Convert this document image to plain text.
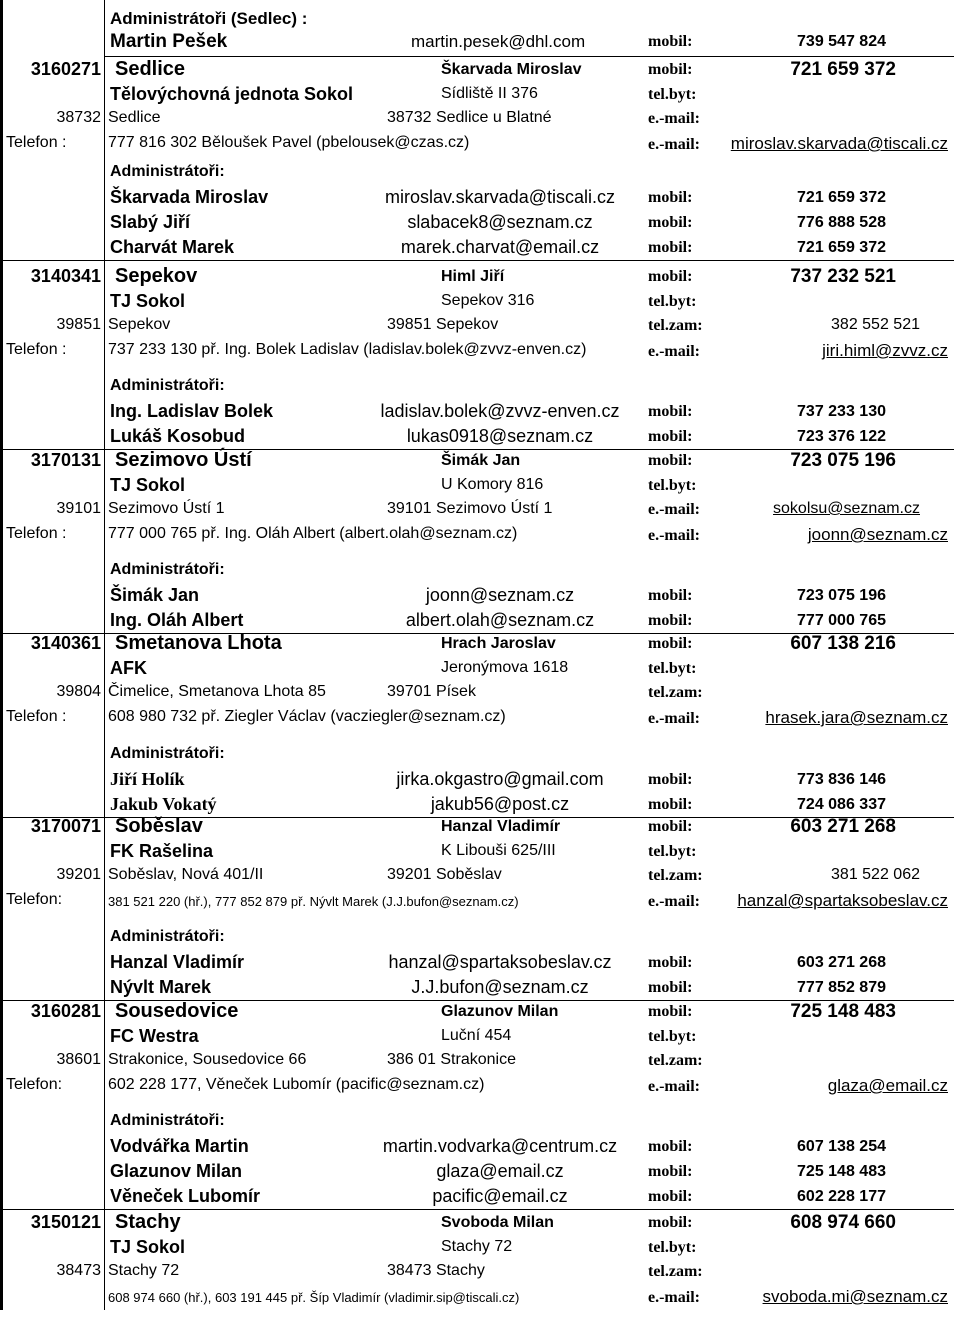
Administrátoři (Sedlec) :
Martin Pešek	martin.pesek@dhl.com	mobil:	739 547 824
3160271 Sedlice	Škarvada Miroslav	mobil:	721 659 372
Tělovýchovná jednota Sokol	Sídliště II 376	tel.byt:
38732 Sedlice	38732 Sedlice u Blatné	e.-mail:
Telefon :	777 816 302 Běloušek Pavel (pbelousek@czas.cz)	e.-mail:	miroslav.skarvada@tiscali.cz
Administrátoři:
Škarvada Miroslav	miroslav.skarvada@tiscali.cz	mobil:	721 659 372
Slabý Jiří	slabacek8@seznam.cz	mobil:	776 888 528
Charvát Marek	marek.charvat@email.cz	mobil:	721 659 372
3140341 Sepekov	Himl Jiří	mobil:	737 232 521
TJ Sokol	Sepekov 316	tel.byt:
39851 Sepekov	39851 Sepekov	tel.zam:	382 552 521
Telefon :	737 233 130 př. Ing. Bolek Ladislav (ladislav.bolek@zvvz-enven.cz)	e.-mail:	jiri.himl@zvvz.cz
Administrátoři:
Ing. Ladislav Bolek	ladislav.bolek@zvvz-enven.cz	mobil:	737 233 130
Lukáš Kosobud	lukas0918@seznam.cz	mobil:	723 376 122
3170131 Sezimovo Ústí	Šimák Jan	mobil:	723 075 196
TJ Sokol	U Komory 816	tel.byt:
39101 Sezimovo Ústí 1	39101 Sezimovo Ústí 1	e.-mail:	sokolsu@seznam.cz
Telefon :	777 000 765 př. Ing. Oláh Albert (albert.olah@seznam.cz)	e.-mail:	joonn@seznam.cz
Administrátoři:
Šimák Jan	joonn@seznam.cz	mobil:	723 075 196
Ing. Oláh Albert	albert.olah@seznam.cz	mobil:	777 000 765
3140361 Smetanova Lhota	Hrach Jaroslav	mobil:	607 138 216
AFK	Jeronýmova 1618	tel.byt:
39804 Čimelice, Smetanova Lhota 85	39701 Písek	tel.zam:
Telefon :	608 980 732 př. Ziegler Václav (vacziegler@seznam.cz)	e.-mail:	hrasek.jara@seznam.cz
Administrátoři:
Jiří Holík	jirka.okgastro@gmail.com	mobil:	773 836 146
Jakub Vokatý	jakub56@post.cz	mobil:	724 086 337
3170071 Soběslav	Hanzal Vladimír	mobil:	603 271 268
FK Rašelina	K Libouši 625/III	tel.byt:
39201 Soběslav, Nová 401/II	39201 Soběslav	tel.zam:	381 522 062
Telefon:	381 521 220 (hř.), 777 852 879 př. Nývlt Marek (J.J.bufon@seznam.cz)	e.-mail:	hanzal@spartaksobeslav.cz
Administrátoři:
Hanzal Vladimír	hanzal@spartaksobeslav.cz	mobil:	603 271 268
Nývlt Marek	J.J.bufon@seznam.cz	mobil:	777 852 879
3160281 Sousedovice	Glazunov Milan	mobil:	725 148 483
FC Westra	Luční 454	tel.byt:
38601 Strakonice, Sousedovice 66	386 01 Strakonice	tel.zam:
Telefon:	602 228 177, Věneček Lubomír (pacific@seznam.cz)	e.-mail:	glaza@email.cz
Administrátoři:
Vodvářka Martin	martin.vodvarka@centrum.cz	mobil:	607 138 254
Glazunov Milan	glaza@email.cz	mobil:	725 148 483
Věneček Lubomír	pacific@email.cz	mobil:	602 228 177
3150121 Stachy	Svoboda Milan	mobil:	608 974 660
TJ Sokol	Stachy 72	tel.byt:
38473 Stachy 72	38473 Stachy	tel.zam:
608 974 660 (hř.), 603 191 445 př. Šíp Vladimír (vladimir.sip@tiscali.cz)	e.-mail:	svoboda.mi@seznam.cz
